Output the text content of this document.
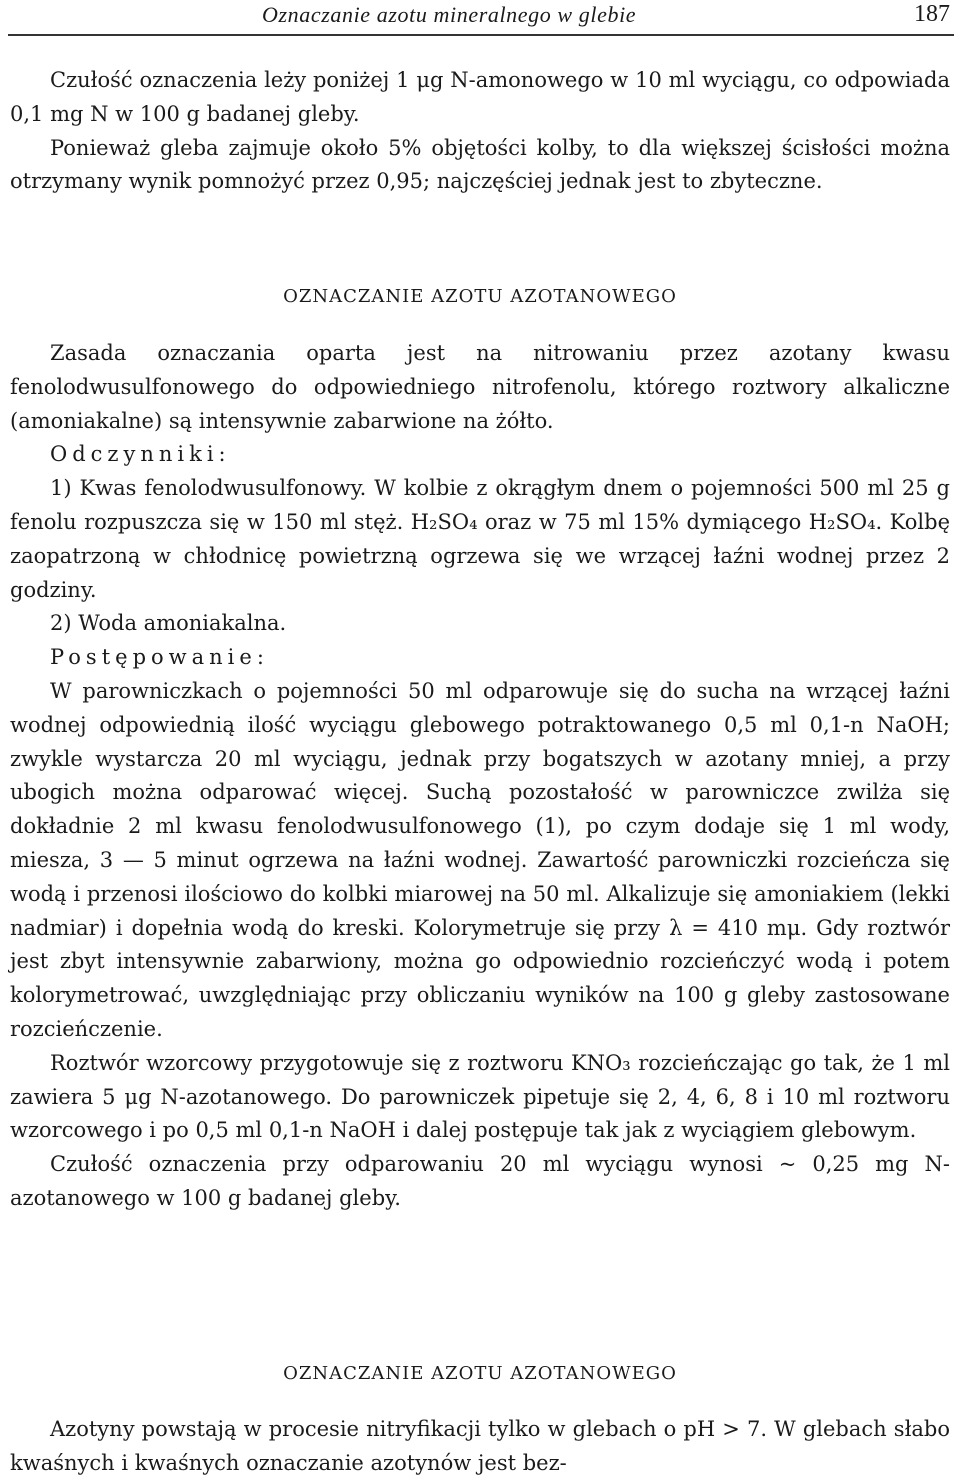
Oznaczanie azotu mineralnego w glebie	187

Czułość oznaczenia leży poniżej 1 μg N-amonowego w 10 ml wyciągu, co odpowiada 0,1 mg N w 100 g badanej gleby.

Ponieważ gleba zajmuje około 5% objętości kolby, to dla większej ścisłości można otrzymany wynik pomnożyć przez 0,95; najczęściej jednak jest to zbyteczne.

OZNACZANIE AZOTU AZOTANOWEGO

Zasada oznaczania oparta jest na nitrowaniu przez azotany kwasu fenolodwusulfonowego do odpowiedniego nitrofenolu, którego roztwory alkaliczne (amoniakalne) są intensywnie zabarwione na żółto.

Odczynniki:

1) Kwas fenolodwusulfonowy. W kolbie z okrągłym dnem o pojemności 500 ml 25 g fenolu rozpuszcza się w 150 ml stęż. H₂SO₄ oraz w 75 ml 15% dymiącego H₂SO₄. Kolbę zaopatrzoną w chłodnicę powietrzną ogrzewa się we wrzącej łaźni wodnej przez 2 godziny.

2) Woda amoniakalna.

Postępowanie:

W parowniczkach o pojemności 50 ml odparowuje się do sucha na wrzącej łaźni wodnej odpowiednią ilość wyciągu glebowego potraktowanego 0,5 ml 0,1-n NaOH; zwykle wystarcza 20 ml wyciągu, jednak przy bogatszych w azotany mniej, a przy ubogich można odparować więcej. Suchą pozostałość w parowniczce zwilża się dokładnie 2 ml kwasu fenolodwusulfonowego (1), po czym dodaje się 1 ml wody, miesza, 3 — 5 minut ogrzewa na łaźni wodnej. Zawartość parowniczki rozcieńcza się wodą i przenosi ilościowo do kolbki miarowej na 50 ml. Alkalizuje się amoniakiem (lekki nadmiar) i dopełnia wodą do kreski. Kolorymetruje się przy λ = 410 mμ. Gdy roztwór jest zbyt intensywnie zabarwiony, można go odpowiednio rozcieńczyć wodą i potem kolorymetrować, uwzględniając przy obliczaniu wyników na 100 g gleby zastosowane rozcieńczenie.

Roztwór wzorcowy przygotowuje się z roztworu KNO₃ rozcieńczając go tak, że 1 ml zawiera 5 μg N-azotanowego. Do parowniczek pipetuje się 2, 4, 6, 8 i 10 ml roztworu wzorcowego i po 0,5 ml 0,1-n NaOH i dalej postępuje tak jak z wyciągiem glebowym.

Czułość oznaczenia przy odparowaniu 20 ml wyciągu wynosi ~ 0,25 mg N-azotanowego w 100 g badanej gleby.

OZNACZANIE AZOTU AZOTANOWEGO

Azotyny powstają w procesie nitryfikacji tylko w glebach o pH > 7. W glebach słabo kwaśnych i kwaśnych oznaczanie azotynów jest bez-
